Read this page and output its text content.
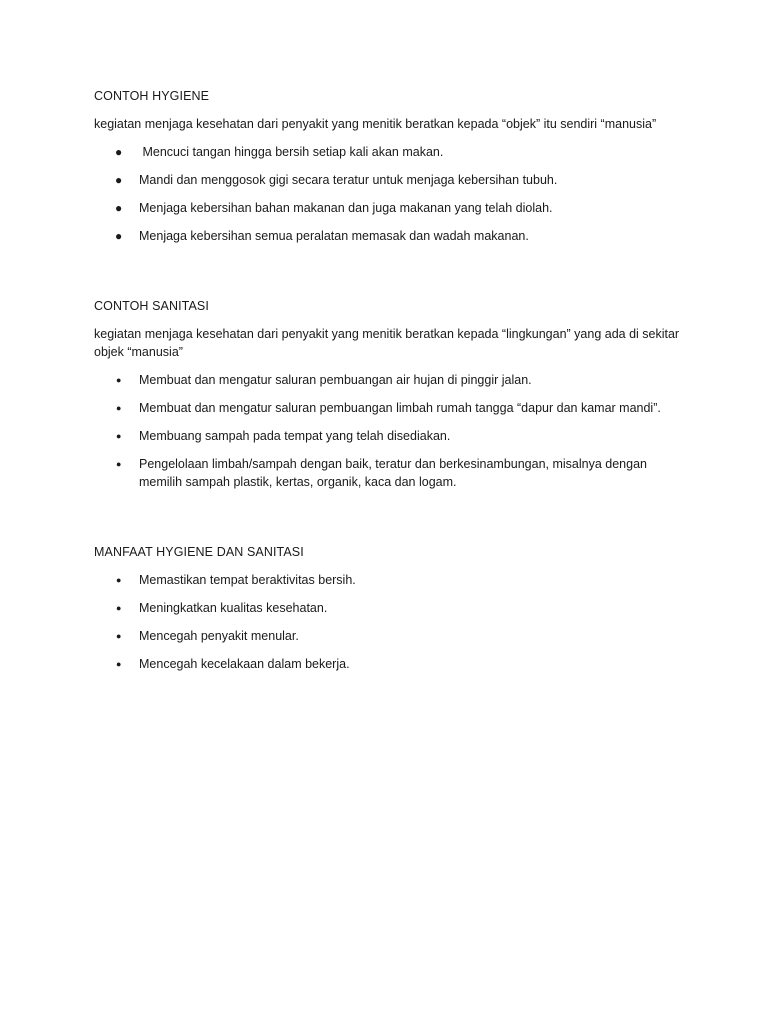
CONTOH HYGIENE

kegiatan menjaga kesehatan dari penyakit yang menitik beratkan kepada “objek” itu sendiri “manusia”

● Mencuci tangan hingga bersih setiap kali akan makan.
● Mandi dan menggosok gigi secara teratur untuk menjaga kebersihan tubuh.
● Menjaga kebersihan bahan makanan dan juga makanan yang telah diolah.
● Menjaga kebersihan semua peralatan memasak dan wadah makanan.

CONTOH SANITASI

kegiatan menjaga kesehatan dari penyakit yang menitik beratkan kepada “lingkungan” yang ada di sekitar objek “manusia”

● Membuat dan mengatur saluran pembuangan air hujan di pinggir jalan.
● Membuat dan mengatur saluran pembuangan limbah rumah tangga “dapur dan kamar mandi”.
● Membuang sampah pada tempat yang telah disediakan.
● Pengelolaan limbah/sampah dengan baik, teratur dan berkesinambungan, misalnya dengan memilih sampah plastik, kertas, organik, kaca dan logam.

MANFAAT HYGIENE DAN SANITASI

● Memastikan tempat beraktivitas bersih.
● Meningkatkan kualitas kesehatan.
● Mencegah penyakit menular.
● Mencegah kecelakaan dalam bekerja.
